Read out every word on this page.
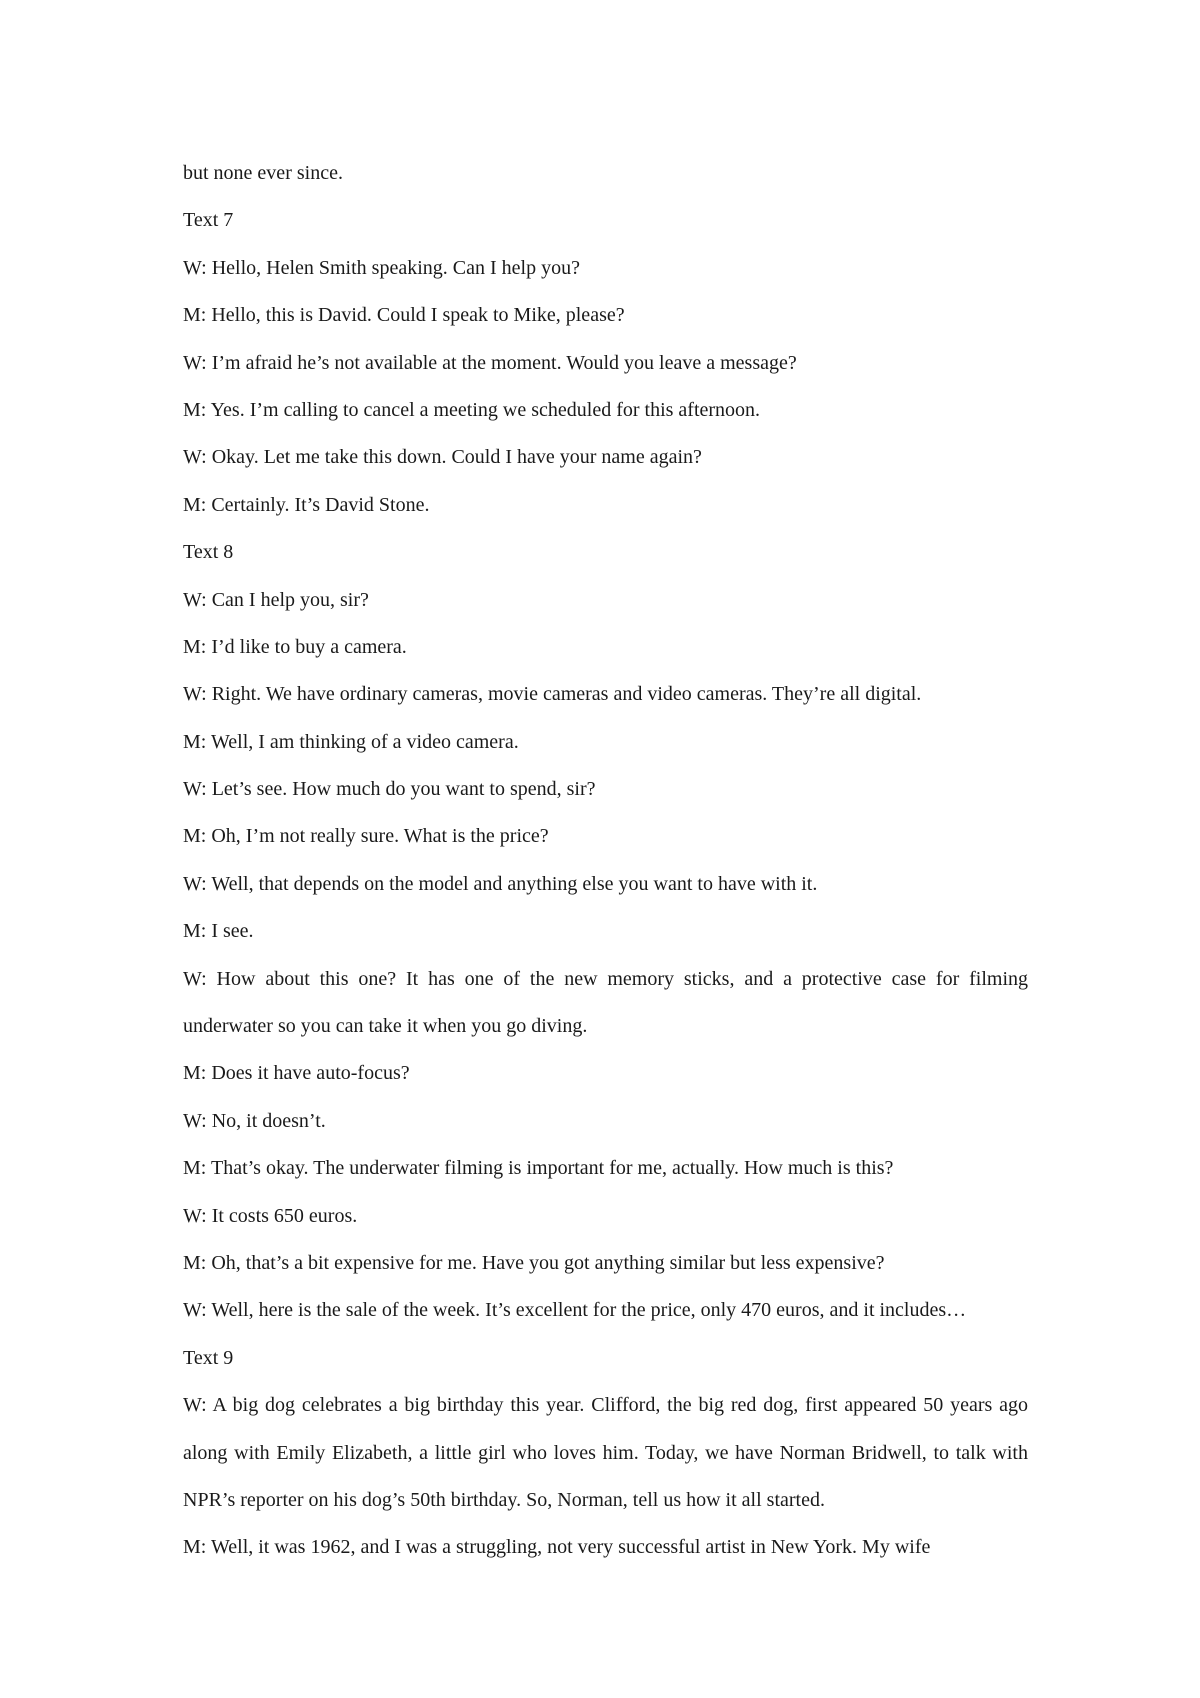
but none ever since.

Text 7

W: Hello, Helen Smith speaking. Can I help you?

M: Hello, this is David. Could I speak to Mike, please?

W: I’m afraid he’s not available at the moment. Would you leave a message?

M: Yes. I’m calling to cancel a meeting we scheduled for this afternoon.

W: Okay. Let me take this down. Could I have your name again?

M: Certainly. It’s David Stone.

Text 8

W: Can I help you, sir?

M: I’d like to buy a camera.

W: Right. We have ordinary cameras, movie cameras and video cameras. They’re all digital.

M: Well, I am thinking of a video camera.

W: Let’s see. How much do you want to spend, sir?

M: Oh, I’m not really sure. What is the price?

W: Well, that depends on the model and anything else you want to have with it.

M: I see.

W: How about this one? It has one of the new memory sticks, and a protective case for filming underwater so you can take it when you go diving.

M: Does it have auto-focus?

W: No, it doesn’t.

M: That’s okay. The underwater filming is important for me, actually. How much is this?

W: It costs 650 euros.

M: Oh, that’s a bit expensive for me. Have you got anything similar but less expensive?

W: Well, here is the sale of the week. It’s excellent for the price, only 470 euros, and it includes…

Text 9

W: A big dog celebrates a big birthday this year. Clifford, the big red dog, first appeared 50 years ago along with Emily Elizabeth, a little girl who loves him. Today, we have Norman Bridwell, to talk with NPR’s reporter on his dog’s 50th birthday. So, Norman, tell us how it all started.

M: Well, it was 1962, and I was a struggling, not very successful artist in New York. My wife
